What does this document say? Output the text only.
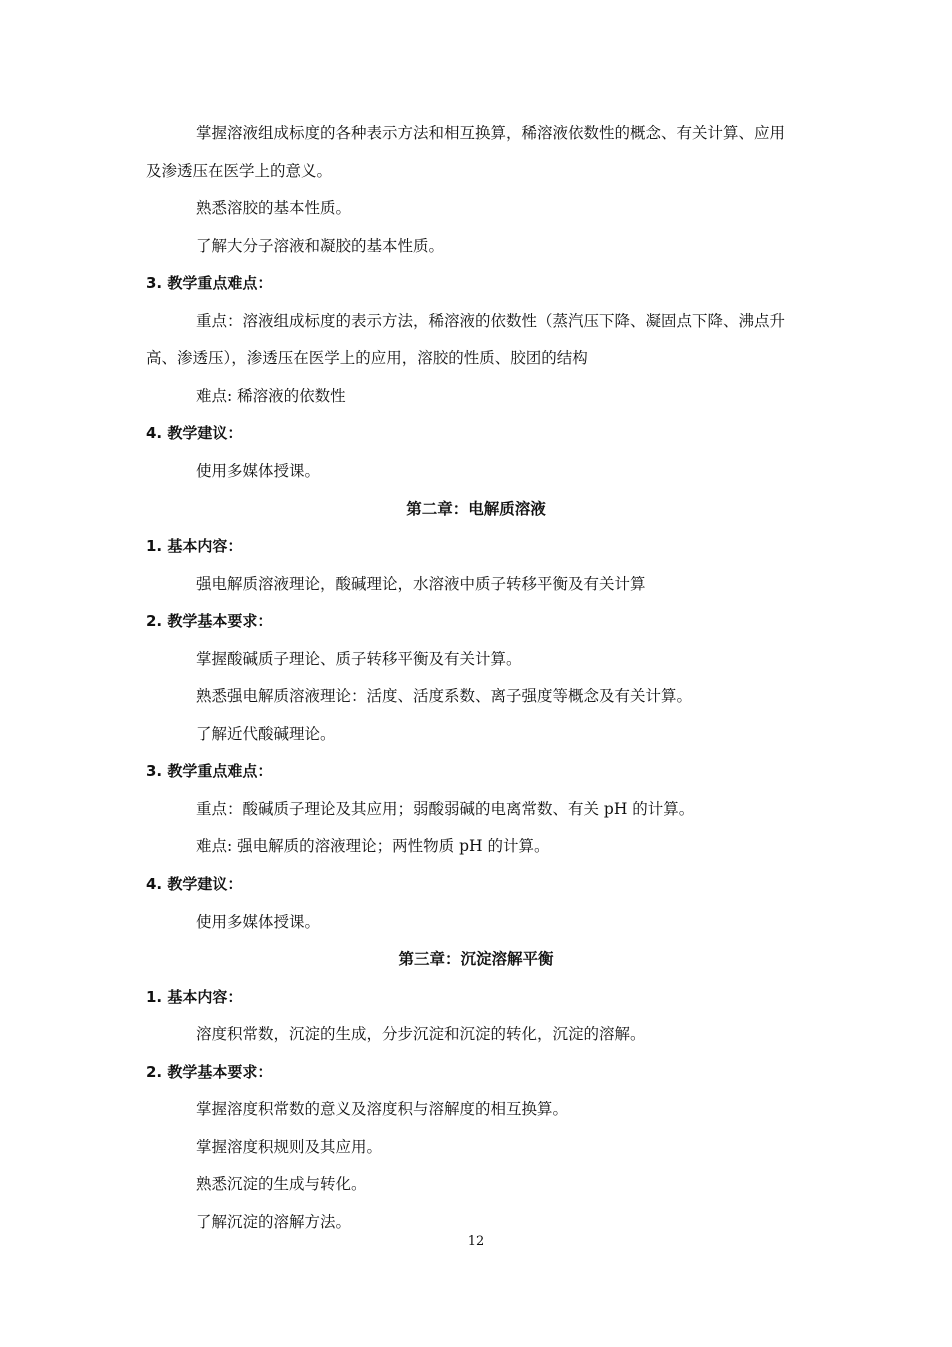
掌握溶液组成标度的各种表示方法和相互换算，稀溶液依数性的概念、有关计算、应用
及渗透压在医学上的意义。
熟悉溶胶的基本性质。
了解大分子溶液和凝胶的基本性质。
3. 教学重点难点：
重点：溶液组成标度的表示方法，稀溶液的依数性（蒸汽压下降、凝固点下降、沸点升
高、渗透压），渗透压在医学上的应用，溶胶的性质、胶团的结构
难点: 稀溶液的依数性
4. 教学建议：
使用多媒体授课。
第二章：电解质溶液
1. 基本内容：
强电解质溶液理论，酸碱理论，水溶液中质子转移平衡及有关计算
2. 教学基本要求：
掌握酸碱质子理论、质子转移平衡及有关计算。
熟悉强电解质溶液理论：活度、活度系数、离子强度等概念及有关计算。
了解近代酸碱理论。
3. 教学重点难点：
重点：酸碱质子理论及其应用；弱酸弱碱的电离常数、有关 pH 的计算。
难点: 强电解质的溶液理论；两性物质 pH 的计算。
4. 教学建议：
使用多媒体授课。
第三章：沉淀溶解平衡
1. 基本内容：
溶度积常数，沉淀的生成，分步沉淀和沉淀的转化，沉淀的溶解。
2. 教学基本要求：
掌握溶度积常数的意义及溶度积与溶解度的相互换算。
掌握溶度积规则及其应用。
熟悉沉淀的生成与转化。
了解沉淀的溶解方法。
12
